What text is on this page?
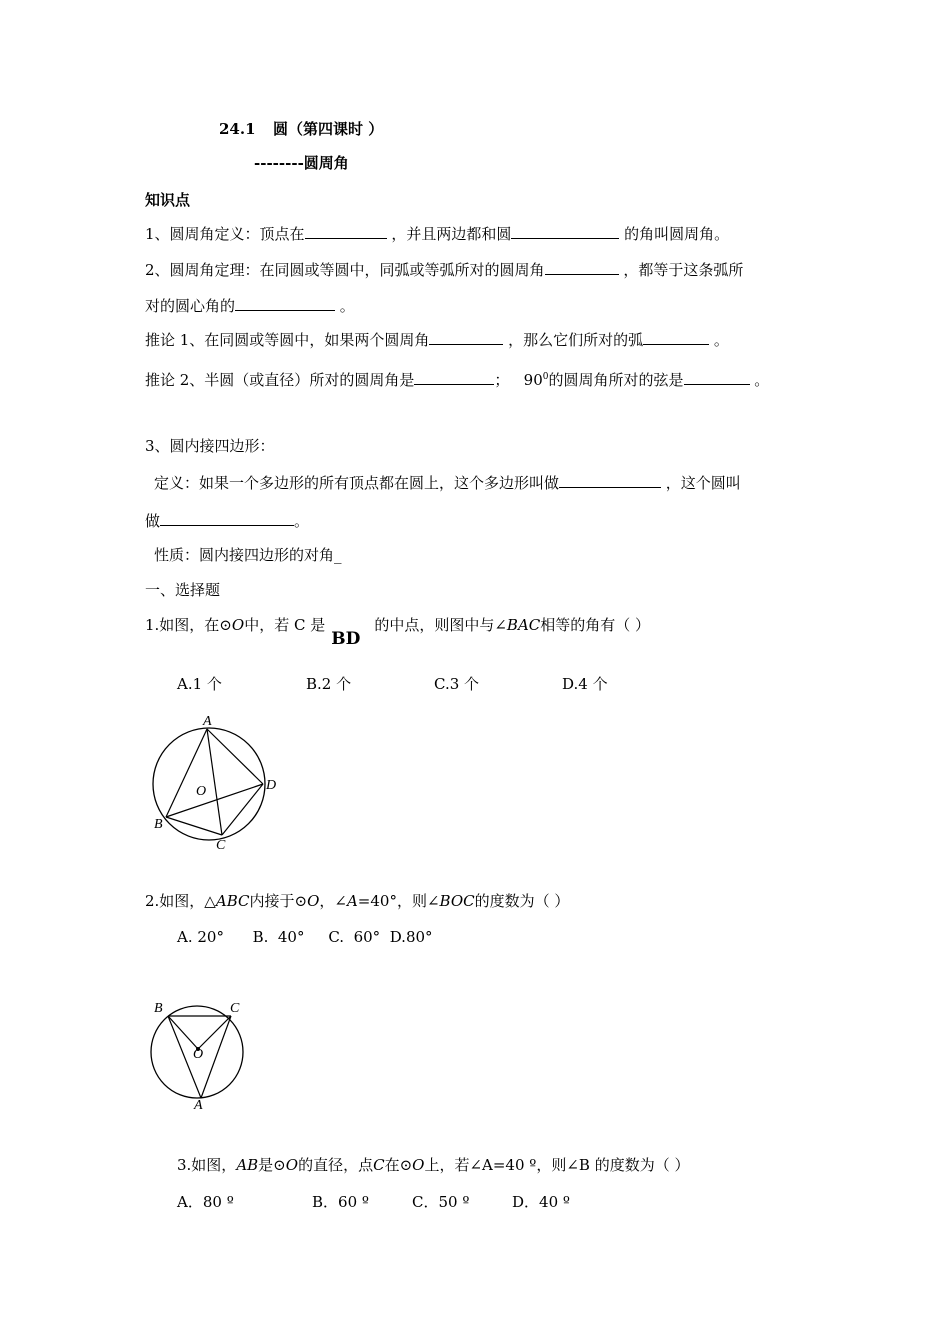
24.1 圆（第四课时 ）
--------圆周角
知识点
1、圆周角定义：顶点在	，并且两边都和圆	的角叫圆周角。
2、圆周角定理：在同圆或等圆中，同弧或等弧所对的圆周角	，都等于这条弧所
对的圆心角的	。
推论 1、在同圆或等圆中，如果两个圆周角	，那么它们所对的弧	。
推论 2、半圆（或直径）所对的圆周角是	； $90^0$的圆周角所对的弦是	。
3、圆内接四边形：
定义：如果一个多边形的所有顶点都在圆上，这个多边形叫做	，这个圆叫
做	。
性质：圆内接四边形的对角_
一、选择题
1.如图，在⊙O中，若 C 是BD的中点，则图中与∠BAC相等的角有（ ）
A.1 个	B.2 个	C.3 个	D.4 个
A
B
C
D
O
2.如图，△ABC内接于⊙O，∠A=40°，则∠BOC的度数为（ ）
A. 20°      B.  40°     C.  60°  D.80°
B	C
O
A
3.如图，AB是⊙O的直径，点C在⊙O上，若∠A=40 º，则∠B 的度数为（ ）
A．80 º	B．60 º	C．50 º	D．40 º
